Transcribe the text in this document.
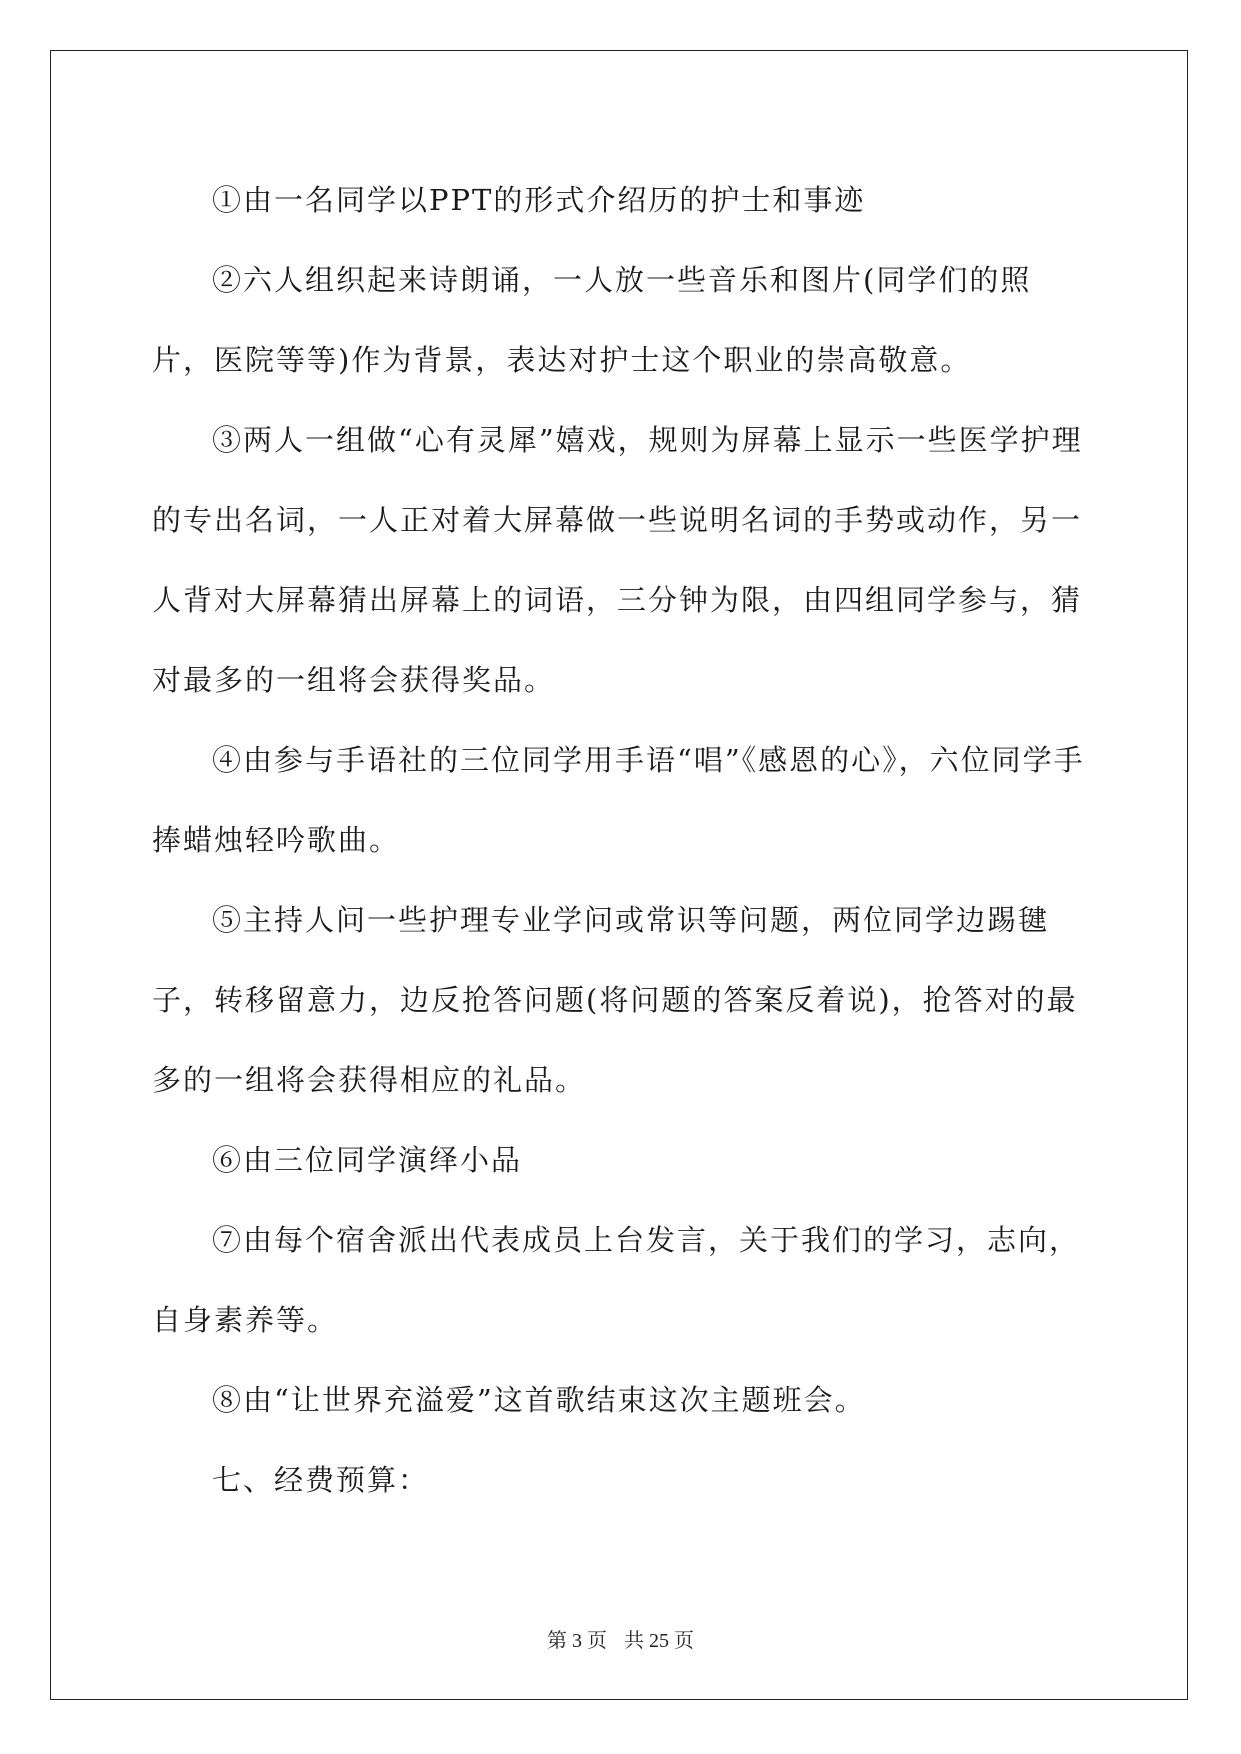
①由一名同学以PPT的形式介绍历的护士和事迹

②六人组织起来诗朗诵，一人放一些音乐和图片(同学们的照片，医院等等)作为背景，表达对护士这个职业的崇高敬意。

③两人一组做“心有灵犀”嬉戏，规则为屏幕上显示一些医学护理的专出名词，一人正对着大屏幕做一些说明名词的手势或动作，另一人背对大屏幕猜出屏幕上的词语，三分钟为限，由四组同学参与，猜对最多的一组将会获得奖品。

④由参与手语社的三位同学用手语“唱”《感恩的心》，六位同学手捧蜡烛轻吟歌曲。

⑤主持人问一些护理专业学问或常识等问题，两位同学边踢毽子，转移留意力，边反抢答问题(将问题的答案反着说)，抢答对的最多的一组将会获得相应的礼品。

⑥由三位同学演绎小品

⑦由每个宿舍派出代表成员上台发言，关于我们的学习，志向，自身素养等。

⑧由“让世界充溢爱”这首歌结束这次主题班会。

七、经费预算：

第 3 页 共 25 页
